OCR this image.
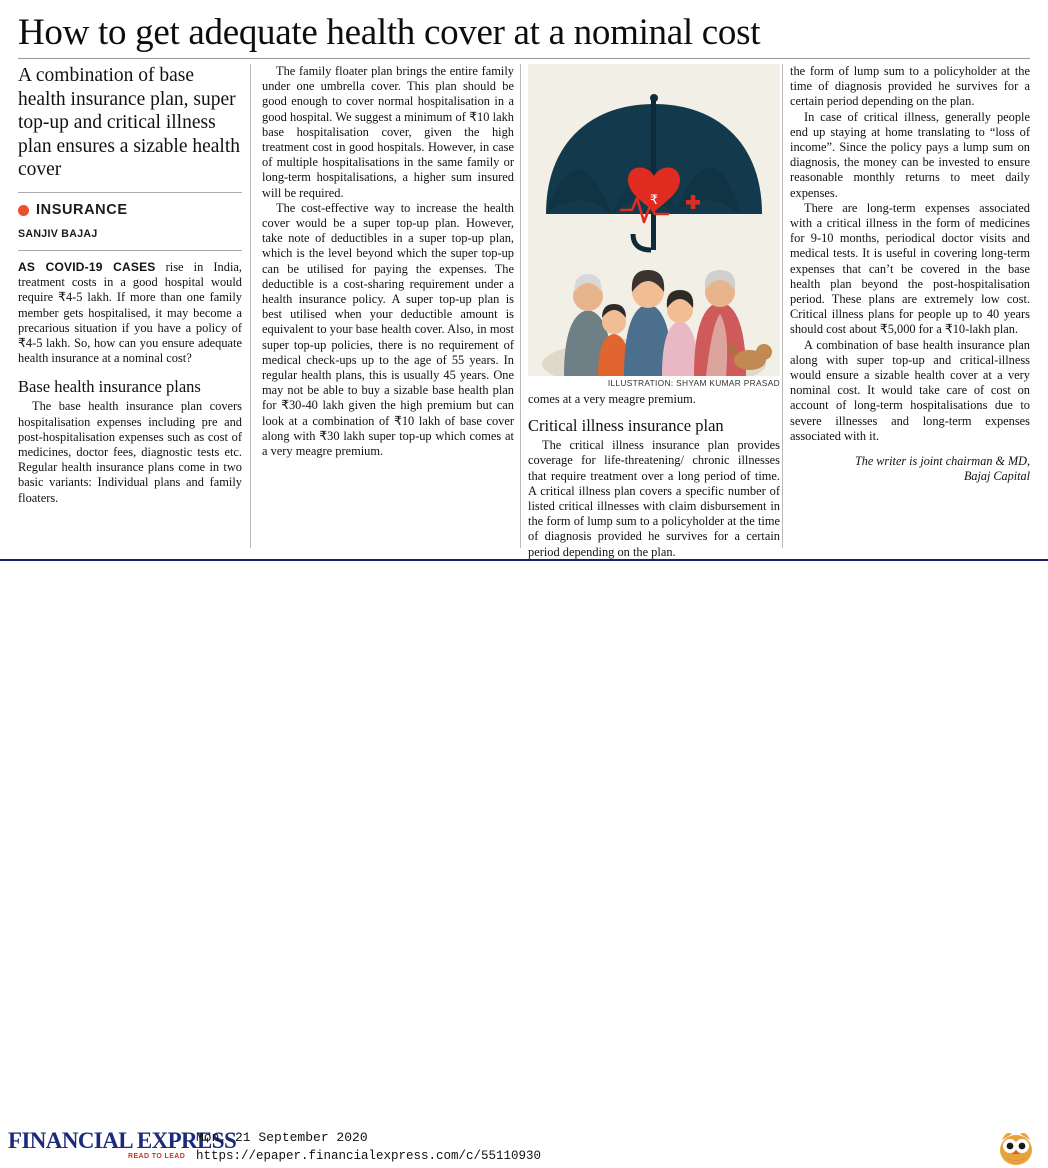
How to get adequate health cover at a nominal cost
A combination of base health insurance plan, super top-up and critical illness plan ensures a sizable health cover
INSURANCE
SANJIV BAJAJ

AS COVID-19 CASES rise in India, treatment costs in a good hospital would require ₹4-5 lakh. If more than one family member gets hospitalised, it may become a precarious situation if you have a policy of ₹4-5 lakh. So, how can you ensure adequate health insurance at a nominal cost?

Base health insurance plans

The base health insurance plan covers hospitalisation expenses including pre and post-hospitalisation expenses such as cost of medicines, doctor fees, diagnostic tests etc. Regular health insurance plans come in two basic variants: Individual plans and family floaters.

The family floater plan brings the entire family under one umbrella cover. This plan should be good enough to cover normal hospitalisation in a good hospital. We suggest a minimum of ₹10 lakh base hospitalisation cover, given the high treatment cost in good hospitals. However, in case of multiple hospitalisations in the same family or long-term hospitalisations, a higher sum insured will be required.

The cost-effective way to increase the health cover would be a super top-up plan. However, take note of deductibles in a super top-up plan, which is the level beyond which the super top-up can be utilised for paying the expenses. The deductible is a cost-sharing requirement under a health insurance policy. A super top-up plan is best utilised when your deductible amount is equivalent to your base health cover. Also, in most super top-up policies, there is no requirement of medical check-ups up to the age of 55 years. In regular health plans, this is usually 45 years. One may not be able to buy a sizable base health plan for ₹30-40 lakh given the high premium but can look at a combination of ₹10 lakh of base cover along with ₹30 lakh super top-up which comes at a very meagre premium.

₹
ILLUSTRATION: SHYAM KUMAR PRASAD

comes at a very meagre premium.

Critical illness insurance plan

The critical illness insurance plan provides coverage for life-threatening/ chronic illnesses that require treatment over a long period of time. A critical illness plan covers a specific number of listed critical illnesses with claim disbursement in the form of lump sum to a policyholder at the time of diagnosis provided he survives for a certain period depending on the plan.

the form of lump sum to a policyholder at the time of diagnosis provided he survives for a certain period depending on the plan.

In case of critical illness, generally people end up staying at home translating to “loss of income”. Since the policy pays a lump sum on diagnosis, the money can be invested to ensure reasonable monthly returns to meet daily expenses.

There are long-term expenses associated with a critical illness in the form of medicines for 9-10 months, periodical doctor visits and medical tests. It is useful in covering long-term expenses that can’t be covered in the base health plan beyond the post-hospitalisation period. These plans are extremely low cost. Critical illness plans for people up to 40 years should cost about ₹5,000 for a ₹10-lakh plan.

A combination of base health insurance plan along with super top-up and critical-illness would ensure a sizable health cover at a very nominal cost. It would take care of cost on account of long-term hospitalisations due to severe illnesses and long-term expenses associated with it.

The writer is joint chairman & MD,
Bajaj Capital
FINANCIAL EXPRESS
READ TO LEAD
Mon, 21 September 2020
https://epaper.financialexpress.com/c/55110930
